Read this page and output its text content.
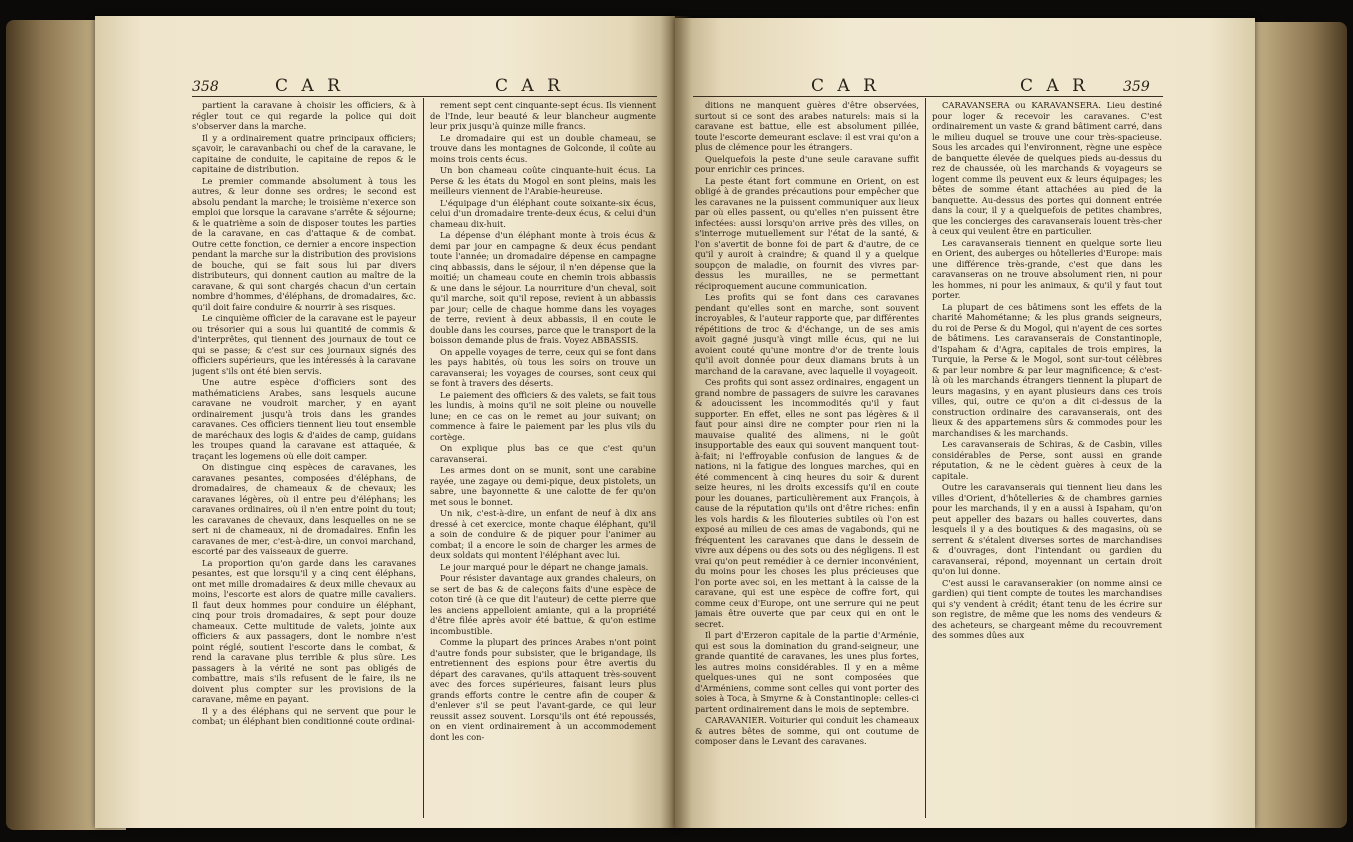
358	C A R	C A R

partient la caravane à choisir les officiers, & à régler tout ce qui regarde la police qui doit s'observer dans la marche.

Il y a ordinairement quatre principaux officiers; sçavoir, le caravanbachi ou chef de la caravane, le capitaine de conduite, le capitaine de repos & le capitaine de distribution.

Le premier commande absolument à tous les autres, & leur donne ses ordres; le second est absolu pendant la marche; le troisième n'exerce son emploi que lorsque la caravane s'arrête & séjourne; & le quatrième a soin de disposer toutes les parties de la caravane, en cas d'attaque & de combat. Outre cette fonction, ce dernier a encore inspection pendant la marche sur la distribution des provisions de bouche, qui se fait sous lui par divers distributeurs, qui donnent caution au maître de la caravane, & qui sont chargés chacun d'un certain nombre d'hommes, d'éléphans, de dromadaires, &c. qu'il doit faire conduire & nourrir à ses risques.

Le cinquième officier de la caravane est le payeur ou trésorier qui a sous lui quantité de commis & d'interprêtes, qui tiennent des journaux de tout ce qui se passe; & c'est sur ces journaux signés des officiers supérieurs, que les intéressés à la caravane jugent s'ils ont été bien servis.

Une autre espèce d'officiers sont des mathématiciens Arabes, sans lesquels aucune caravane ne voudroit marcher, y en ayant ordinairement jusqu'à trois dans les grandes caravanes. Ces officiers tiennent lieu tout ensemble de maréchaux des logis & d'aides de camp, guidans les troupes quand la caravane est attaquée, & traçant les logemens où elle doit camper.

On distingue cinq espèces de caravanes, les caravanes pesantes, composées d'éléphans, de dromadaires, de chameaux & de chevaux; les caravanes légères, où il entre peu d'éléphans; les caravanes ordinaires, où il n'en entre point du tout; les caravanes de chevaux, dans lesquelles on ne se sert ni de chameaux, ni de dromadaires. Enfin les caravanes de mer, c'est-à-dire, un convoi marchand, escorté par des vaisseaux de guerre.

La proportion qu'on garde dans les caravanes pesantes, est que lorsqu'il y a cinq cent éléphans, ont met mille dromadaires & deux mille chevaux au moins, l'escorte est alors de quatre mille cavaliers. Il faut deux hommes pour conduire un éléphant, cinq pour trois dromadaires, & sept pour douze chameaux. Cette multitude de valets, jointe aux officiers & aux passagers, dont le nombre n'est point réglé, soutient l'escorte dans le combat, & rend la caravane plus terrible & plus sûre. Les passagers à la vérité ne sont pas obligés de combattre, mais s'ils refusent de le faire, ils ne doivent plus compter sur les provisions de la caravane, même en payant.

Il y a des éléphans qui ne servent que pour le combat; un éléphant bien conditionné coute ordinai-

rement sept cent cinquante-sept écus. Ils viennent de l'Inde, leur beauté & leur blancheur augmente leur prix jusqu'à quinze mille francs.

Le dromadaire qui est un double chameau, se trouve dans les montagnes de Golconde, il coûte au moins trois cents écus.

Un bon chameau coûte cinquante-huit écus. La Perse & les états du Mogol en sont pleins, mais les meilleurs viennent de l'Arabie-heureuse.

L'équipage d'un éléphant coute soixante-six écus, celui d'un dromadaire trente-deux écus, & celui d'un chameau dix-huit.

La dépense d'un éléphant monte à trois écus & demi par jour en campagne & deux écus pendant toute l'année; un dromadaire dépense en campagne cinq abbassis, dans le séjour, il n'en dépense que la moitié; un chameau coute en chemin trois abbassis & une dans le séjour. La nourriture d'un cheval, soit qu'il marche, soit qu'il repose, revient à un abbassis par jour; celle de chaque homme dans les voyages de terre, revient à deux abbassis, il en coute le double dans les courses, parce que le transport de la boisson demande plus de frais. Voyez ABBASSIS.

On appelle voyages de terre, ceux qui se font dans les pays habités, où tous les soirs on trouve un caravanserai; les voyages de courses, sont ceux qui se font à travers des déserts.

Le paiement des officiers & des valets, se fait tous les lundis, à moins qu'il ne soit pleine ou nouvelle lune; en ce cas on le remet au jour suivant; on commence à faire le paiement par les plus vils du cortège.

On explique plus bas ce que c'est qu'un caravanserai.

Les armes dont on se munit, sont une carabine rayée, une zagaye ou demi-pique, deux pistolets, un sabre, une bayonnette & une calotte de fer qu'on met sous le bonnet.

Un nik, c'est-à-dire, un enfant de neuf à dix ans dressé à cet exercice, monte chaque éléphant, qu'il a soin de conduire & de piquer pour l'animer au combat; il a encore le soin de charger les armes de deux soldats qui montent l'éléphant avec lui.

Le jour marqué pour le départ ne change jamais.

Pour résister davantage aux grandes chaleurs, on se sert de bas & de caleçons faits d'une espèce de coton tiré (à ce que dit l'auteur) de cette pierre que les anciens appelloient amiante, qui a la propriété d'être filée après avoir été battue, & qu'on estime incombustible.

Comme la plupart des princes Arabes n'ont point d'autre fonds pour subsister, que le brigandage, ils entretiennent des espions pour être avertis du départ des caravanes, qu'ils attaquent très-souvent avec des forces supérieures, faisant leurs plus grands efforts contre le centre afin de couper & d'enlever s'il se peut l'avant-garde, ce qui leur reussit assez souvent. Lorsqu'ils ont été repoussés, on en vient ordinairement à un accommodement dont les con-

C A R	C A R 359

ditions ne manquent guères d'être observées, surtout si ce sont des arabes naturels: mais si la caravane est battue, elle est absolument pillée, toute l'escorte demeurant esclave: il est vrai qu'on a plus de clémence pour les étrangers.

Quelquefois la peste d'une seule caravane suffit pour enrichir ces princes.

La peste étant fort commune en Orient, on est obligé à de grandes précautions pour empêcher que les caravanes ne la puissent communiquer aux lieux par où elles passent, ou qu'elles n'en puissent être infectées: aussi lorsqu'on arrive près des villes, on s'interroge mutuellement sur l'état de la santé, & l'on s'avertit de bonne foi de part & d'autre, de ce qu'il y auroit à craindre; & quand il y a quelque soupçon de maladie, on fournit des vivres par-dessus les murailles, ne se permettant réciproquement aucune communication.

Les profits qui se font dans ces caravanes pendant qu'elles sont en marche, sont souvent incroyables, & l'auteur rapporte que, par différentes répétitions de troc & d'échange, un de ses amis avoit gagné jusqu'à vingt mille écus, qui ne lui avoient couté qu'une montre d'or de trente louis qu'il avoit donnée pour deux diamans bruts à un marchand de la caravane, avec laquelle il voyageoit.

Ces profits qui sont assez ordinaires, engagent un grand nombre de passagers de suivre les caravanes & adoucissent les incommodités qu'il y faut supporter. En effet, elles ne sont pas légères & il faut pour ainsi dire ne compter pour rien ni la mauvaise qualité des alimens, ni le goût insupportable des eaux qui souvent manquent tout-à-fait; ni l'effroyable confusion de langues & de nations, ni la fatigue des longues marches, qui en été commencent à cinq heures du soir & durent seize heures, ni les droits excessifs qu'il en coute pour les douanes, particulièrement aux François, à cause de la réputation qu'ils ont d'être riches: enfin les vols hardis & les filouteries subtiles où l'on est exposé au milieu de ces amas de vagabonds, qui ne fréquentent les caravanes que dans le dessein de vivre aux dépens ou des sots ou des négligens. Il est vrai qu'on peut remédier à ce dernier inconvénient, du moins pour les choses les plus précieuses que l'on porte avec soi, en les mettant à la caisse de la caravane, qui est une espèce de coffre fort, qui comme ceux d'Europe, ont une serrure qui ne peut jamais être ouverte que par ceux qui en ont le secret.

Il part d'Erzeron capitale de la partie d'Arménie, qui est sous la domination du grand-seigneur, une grande quantité de caravanes, les unes plus fortes, les autres moins considérables. Il y en a même quelques-unes qui ne sont composées que d'Arméniens, comme sont celles qui vont porter des soies à Toca, à Smyrne & à Constantinople: celles-ci partent ordinairement dans le mois de septembre.

CARAVANIER. Voiturier qui conduit les chameaux & autres bêtes de somme, qui ont coutume de composer dans le Levant des caravanes.

CARAVANSERA ou KARAVANSERA. Lieu destiné pour loger & recevoir les caravanes. C'est ordinairement un vaste & grand bâtiment carré, dans le milieu duquel se trouve une cour très-spacieuse. Sous les arcades qui l'environnent, règne une espèce de banquette élevée de quelques pieds au-dessus du rez de chaussée, où les marchands & voyageurs se logent comme ils peuvent eux & leurs équipages; les bêtes de somme étant attachées au pied de la banquette. Au-dessus des portes qui donnent entrée dans la cour, il y a quelquefois de petites chambres, que les concierges des caravanserais louent très-cher à ceux qui veulent être en particulier.

Les caravanserais tiennent en quelque sorte lieu en Orient, des auberges ou hôtelleries d'Europe: mais une différence très-grande, c'est que dans les caravanseras on ne trouve absolument rien, ni pour les hommes, ni pour les animaux, & qu'il y faut tout porter.

La plupart de ces bâtimens sont les effets de la charité Mahométanne; & les plus grands seigneurs, du roi de Perse & du Mogol, qui n'ayent de ces sortes de bâtimens. Les caravanserais de Constantinople, d'Ispaham & d'Agra, capitales de trois empires, la Turquie, la Perse & le Mogol, sont sur-tout célèbres & par leur nombre & par leur magnificence; & c'est-là où les marchands étrangers tiennent la plupart de leurs magasins, y en ayant plusieurs dans ces trois villes, qui, outre ce qu'on a dit ci-dessus de la construction ordinaire des caravanserais, ont des lieux & des appartemens sûrs & commodes pour les marchandises & les marchands.

Les caravanserais de Schiras, & de Casbin, villes considérables de Perse, sont aussi en grande réputation, & ne le cèdent guères à ceux de la capitale.

Outre les caravanserais qui tiennent lieu dans les villes d'Orient, d'hôtelleries & de chambres garnies pour les marchands, il y en a aussi à Ispaham, qu'on peut appeller des bazars ou halles couvertes, dans lesquels il y a des boutiques & des magasins, où se serrent & s'étalent diverses sortes de marchandises & d'ouvrages, dont l'intendant ou gardien du caravanserai, répond, moyennant un certain droit qu'on lui donne.

C'est aussi le caravanserakier (on nomme ainsi ce gardien) qui tient compte de toutes les marchandises qui s'y vendent à crédit; étant tenu de les écrire sur son registre, de même que les noms des vendeurs & des acheteurs, se chargeant même du recouvrement des sommes dûes aux
